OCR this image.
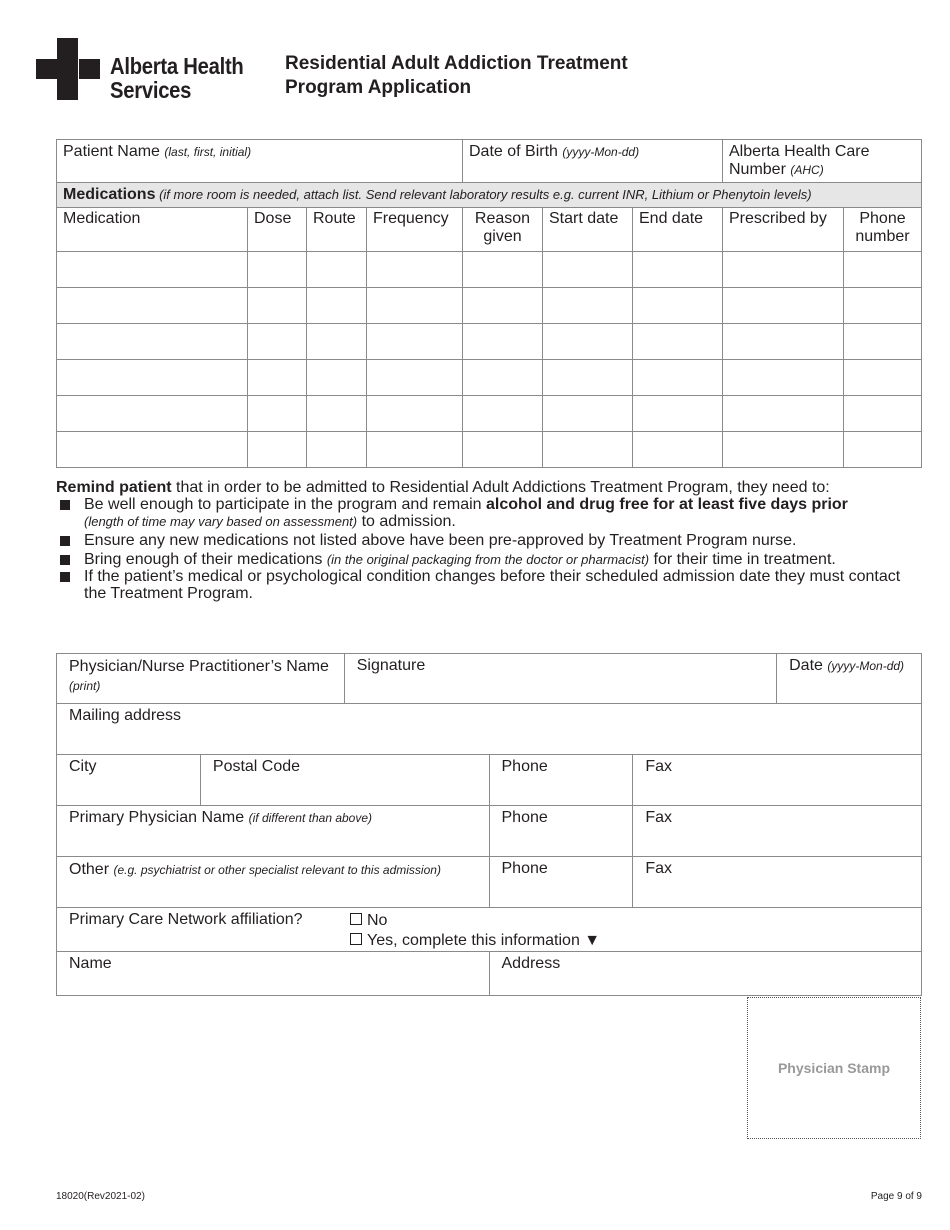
Alberta Health
Services
Residential Adult Addiction Treatment
Program Application
Patient Name (last, first, initial)				Date of Birth (yyyy-Mon-dd)			Alberta Health Care Number (AHC)	
Medications (if more room is needed, attach list. Send relevant laboratory results e.g. current INR, Lithium or Phenytoin levels)								
Medication	Dose	Route	Frequency	Reason given	Start date	End date	Prescribed by	Phone number

Remind patient that in order to be admitted to Residential Adult Addictions Treatment Program, they need to:
Be well enough to participate in the program and remain alcohol and drug free for at least five days prior
(length of time may vary based on assessment) to admission.
Ensure any new medications not listed above have been pre-approved by Treatment Program nurse.
Bring enough of their medications (in the original packaging from the doctor or pharmacist) for their time in treatment.
If the patient’s medical or psychological condition changes before their scheduled admission date they must contact the Treatment Program.
Physician/Nurse Practitioner’s Name (print)		Signature			Date (yyyy-Mon-dd)
Mailing address					
City	Postal Code		Phone	Fax	
Primary Physician Name (if different than above)			Phone	Fax	
Other (e.g. psychiatrist or other specialist relevant to this admission)			Phone	Fax	
Primary Care Network affiliation? No
Yes, complete this information ▼					

Name			Address		
Physician Stamp
18020(Rev2021-02)	Page 9 of 9
